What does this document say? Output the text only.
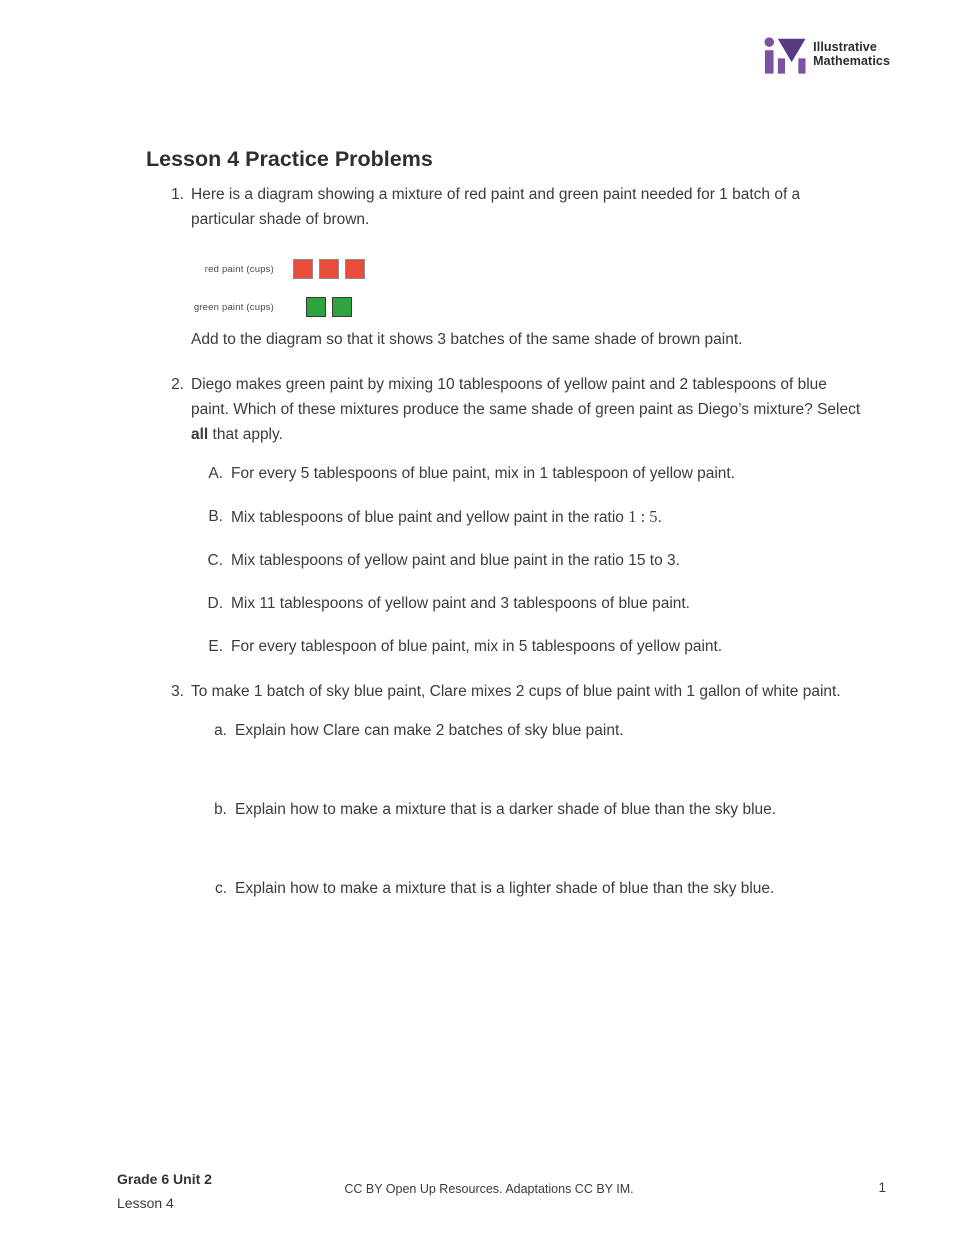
Illustrative
Mathematics
Lesson 4 Practice Problems
1. Here is a diagram showing a mixture of red paint and green paint needed for 1 batch of a particular shade of brown.

red paint (cups)
green paint (cups)

Add to the diagram so that it shows 3 batches of the same shade of brown paint.

2. Diego makes green paint by mixing 10 tablespoons of yellow paint and 2 tablespoons of blue paint. Which of these mixtures produce the same shade of green paint as Diego’s mixture? Select all that apply.

A. For every 5 tablespoons of blue paint, mix in 1 tablespoon of yellow paint.
B. Mix tablespoons of blue paint and yellow paint in the ratio 1 : 5.
C. Mix tablespoons of yellow paint and blue paint in the ratio 15 to 3.
D. Mix 11 tablespoons of yellow paint and 3 tablespoons of blue paint.
E. For every tablespoon of blue paint, mix in 5 tablespoons of yellow paint.
3. To make 1 batch of sky blue paint, Clare mixes 2 cups of blue paint with 1 gallon of white paint.

a. Explain how Clare can make 2 batches of sky blue paint.
b. Explain how to make a mixture that is a darker shade of blue than the sky blue.
c. Explain how to make a mixture that is a lighter shade of blue than the sky blue.
Grade 6 Unit 2
Lesson 4
CC BY Open Up Resources. Adaptations CC BY IM.	1
